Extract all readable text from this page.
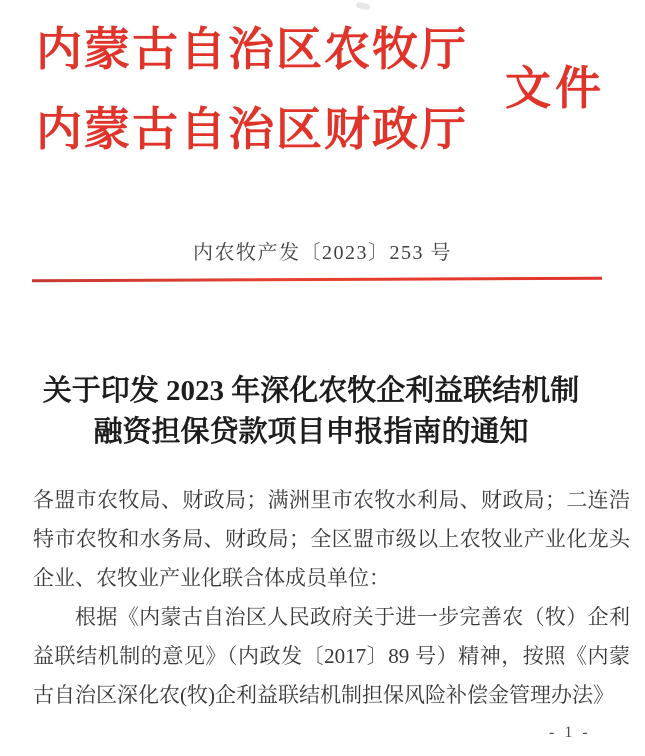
内蒙古自治区农牧厅
内蒙古自治区财政厅
文件
内农牧产发〔2023〕253 号
关于印发 2023 年深化农牧企利益联结机制
融资担保贷款项目申报指南的通知

各盟市农牧局、财政局；满洲里市农牧水利局、财政局；二连浩特市农牧和水务局、财政局；全区盟市级以上农牧业产业化龙头企业、农牧业产业化联合体成员单位：

根据《内蒙古自治区人民政府关于进一步完善农（牧）企利益联结机制的意见》（内政发〔2017〕89 号）精神，按照《内蒙古自治区深化农(牧)企利益联结机制担保风险补偿金管理办法》

- 1 -
